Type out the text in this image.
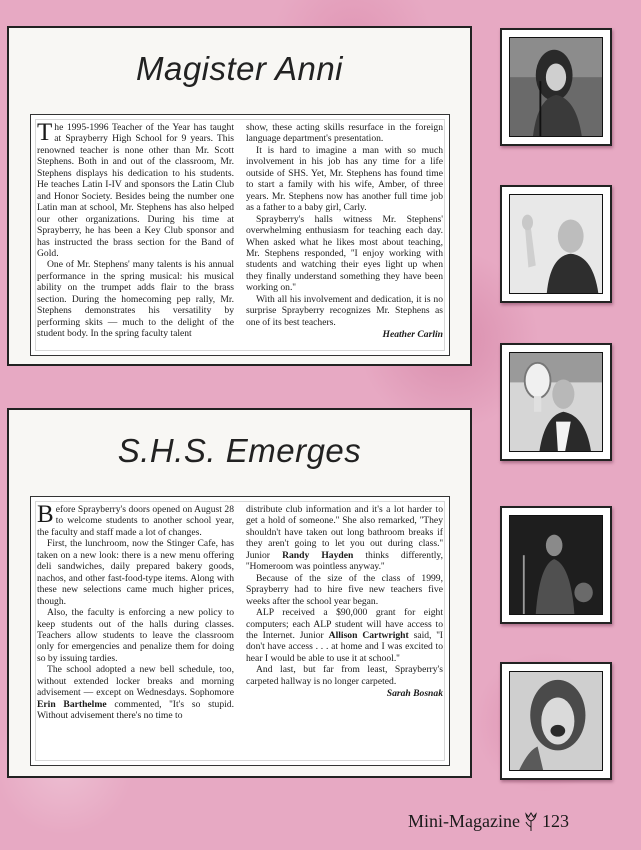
Magister Anni

The 1995-1996 Teacher of the Year has taught at Sprayberry High School for 9 years. This renowned teacher is none other than Mr. Scott Stephens. Both in and out of the classroom, Mr. Stephens displays his dedication to his students. He teaches Latin I-IV and sponsors the Latin Club and Honor Society. Besides being the number one Latin man at school, Mr. Stephens has also helped our other organizations. During his time at Sprayberry, he has been a Key Club sponsor and has instructed the brass section for the Band of Gold.

One of Mr. Stephens' many talents is his annual performance in the spring musical: his musical ability on the trumpet adds flair to the brass section. During the homecoming pep rally, Mr. Stephens demonstrates his versatility by performing skits — much to the delight of the student body. In the spring faculty talent

show, these acting skills resurface in the foreign language department's presentation.

It is hard to imagine a man with so much involvement in his job has any time for a life outside of SHS. Yet, Mr. Stephens has found time to start a family with his wife, Amber, of three years. Mr. Stephens now has another full time job as a father to a baby girl, Carly.

Sprayberry's halls witness Mr. Stephens' overwhelming enthusiasm for teaching each day. When asked what he likes most about teaching, Mr. Stephens responded, ''I enjoy working with students and watching their eyes light up when they finally understand something they have been working on.''

With all his involvement and dedication, it is no surprise Sprayberry recognizes Mr. Stephens as one of its best teachers.

Heather Carlin
S.H.S. Emerges

Before Sprayberry's doors opened on August 28 to welcome students to another school year, the faculty and staff made a lot of changes.

First, the lunchroom, now the Stinger Cafe, has taken on a new look: there is a new menu offering deli sandwiches, daily prepared bakery goods, nachos, and other fast-food-type items. Along with these new selections came much higher prices, though.

Also, the faculty is enforcing a new policy to keep students out of the halls during classes. Teachers allow students to leave the classroom only for emergencies and penalize them for doing so by issuing tardies.

The school adopted a new bell schedule, too, without extended locker breaks and morning advisement — except on Wednesdays. Sophomore Erin Barthelme commented, ''It's so stupid. Without advisement there's no time to

distribute club information and it's a lot harder to get a hold of someone.'' She also remarked, ''They shouldn't have taken out long bathroom breaks if they aren't going to let you out during class.'' Junior Randy Hayden thinks differently, ''Homeroom was pointless anyway.''

Because of the size of the class of 1999, Sprayberry had to hire five new teachers five weeks after the school year began.

ALP received a $90,000 grant for eight computers; each ALP student will have access to the Internet. Junior Allison Cartwright said, ''I don't have access . . . at home and I was excited to hear I would be able to use it at school.''

And last, but far from least, Sprayberry's carpeted hallway is no longer carpeted.

Sarah Bosnak
Mini-Magazine 123
